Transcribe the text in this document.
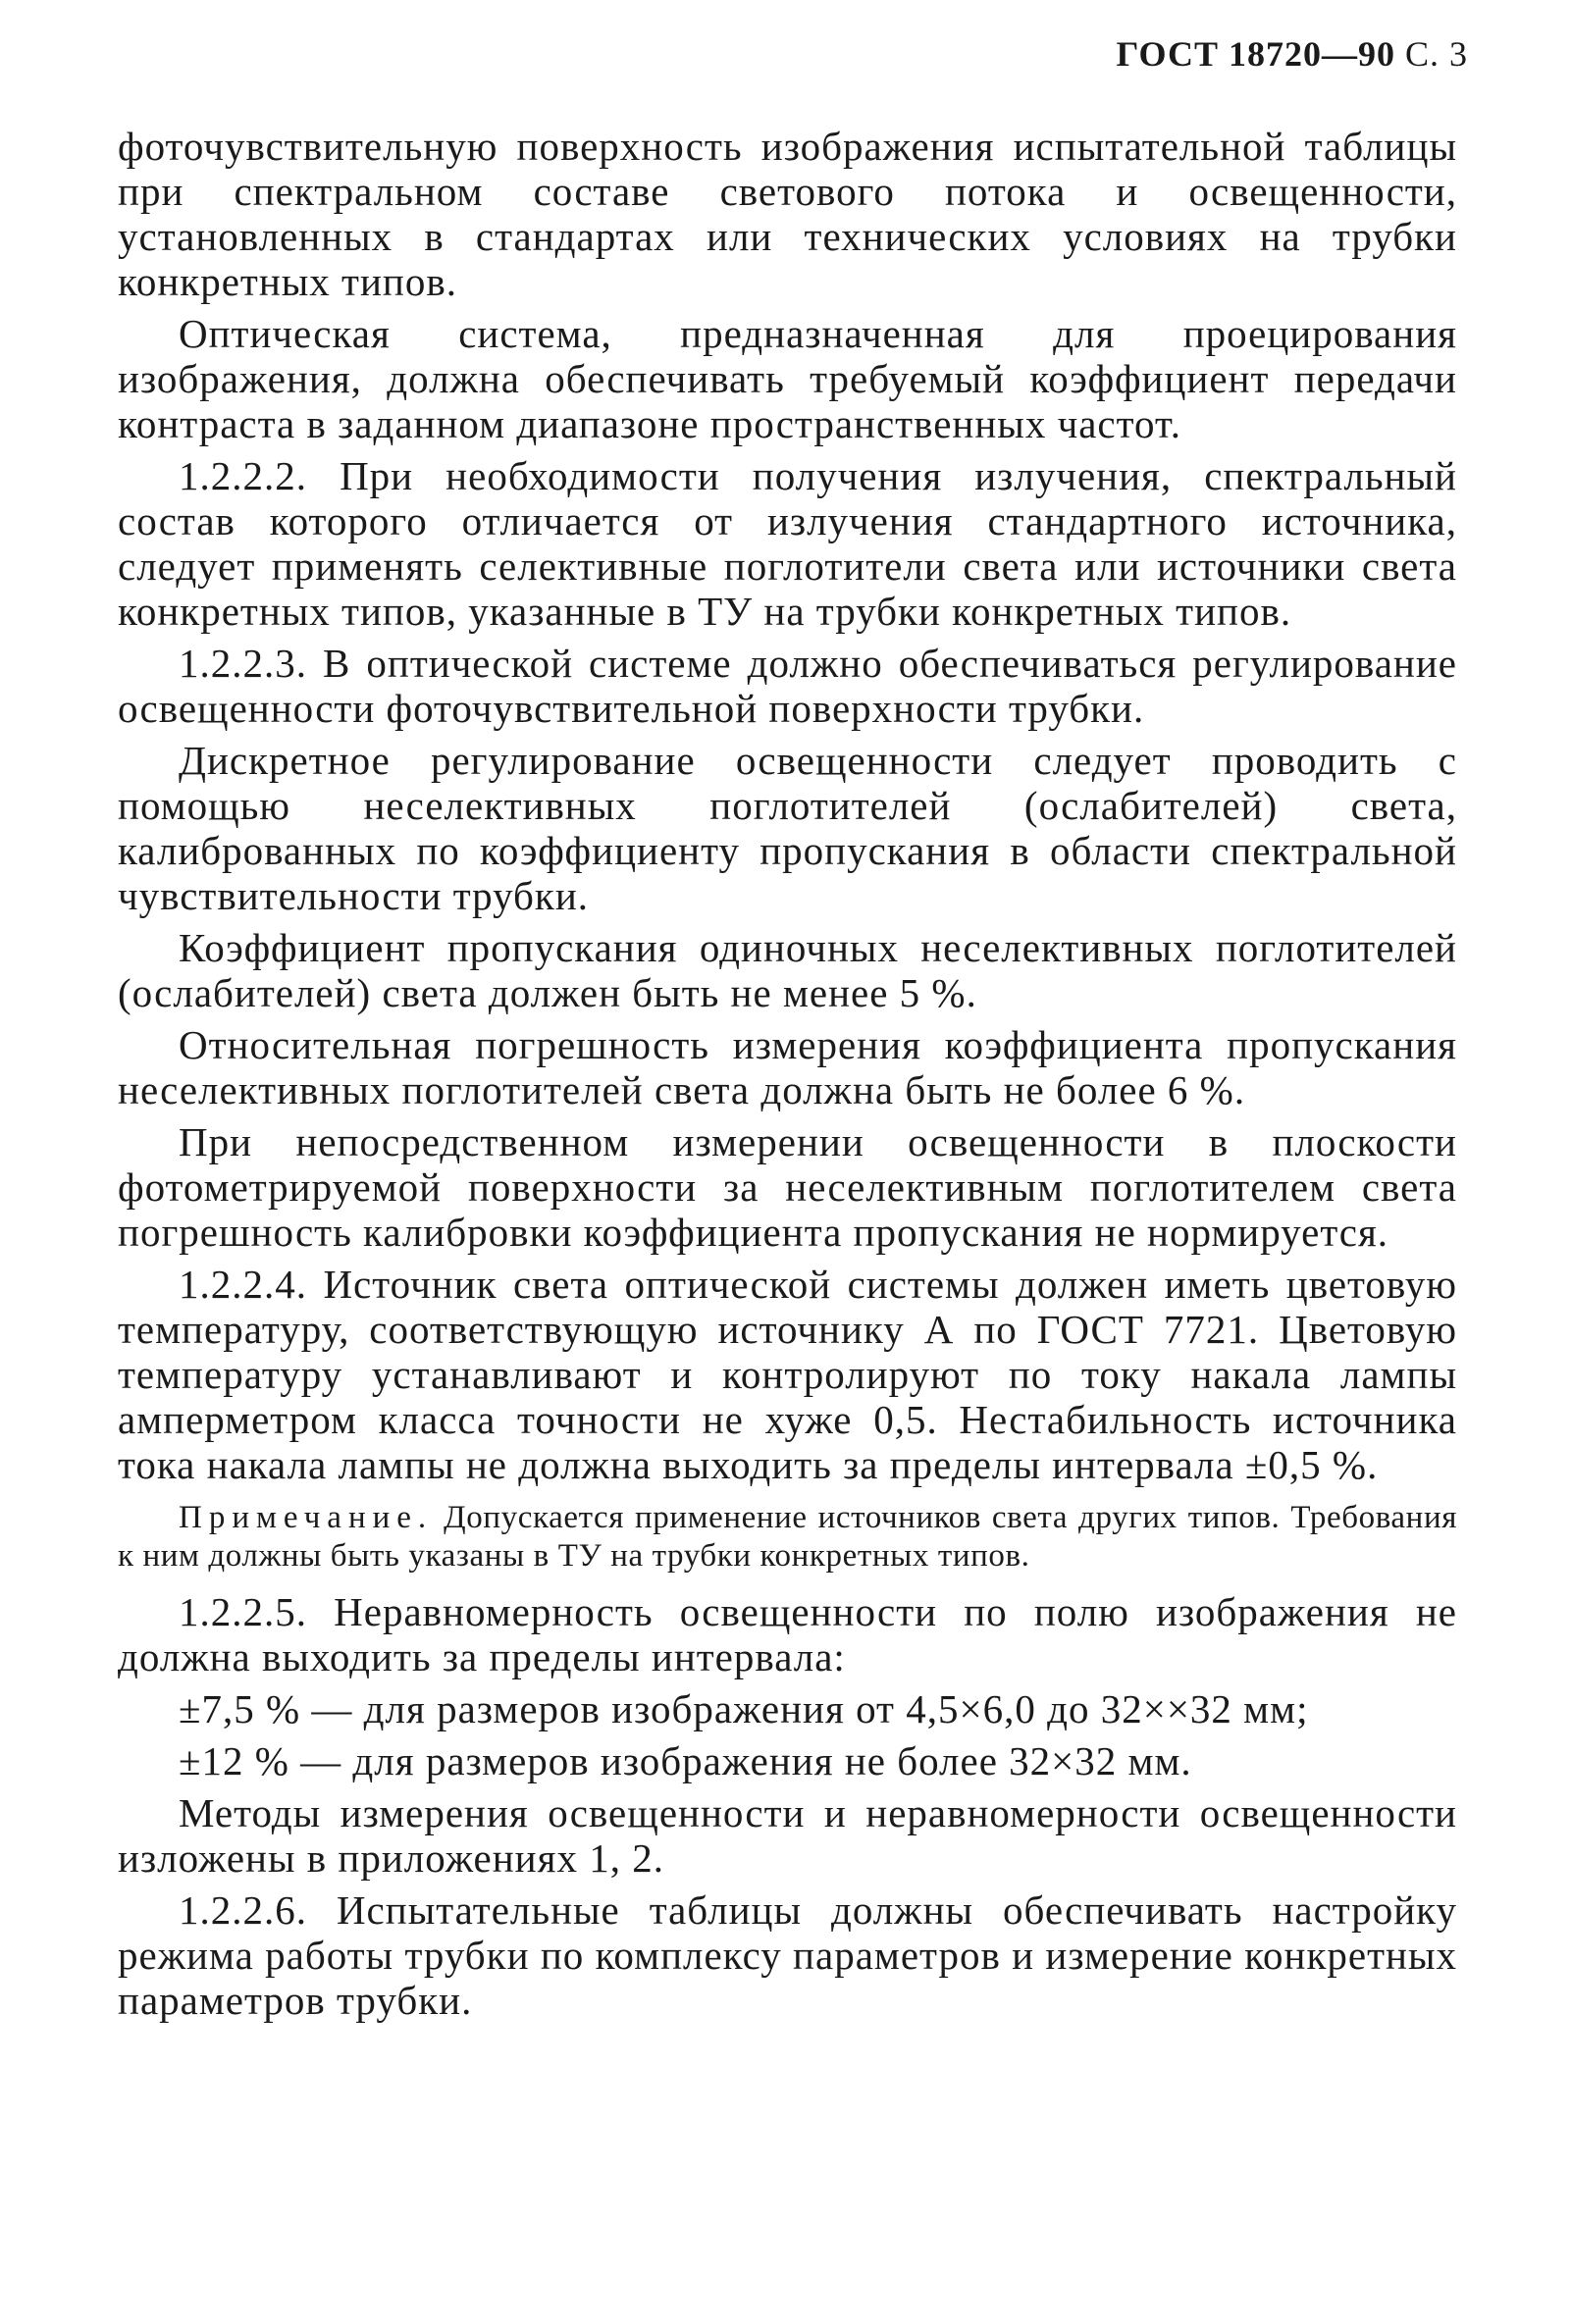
ГОСТ 18720—90 С. 3

фоточувствительную поверхность изображения испытательной таблицы при спектральном составе светового потока и освещенности, установленных в стандартах или технических условиях на трубки конкретных типов.

Оптическая система, предназначенная для проецирования изображения, должна обеспечивать требуемый коэффициент передачи контраста в заданном диапазоне пространственных частот.

1.2.2.2. При необходимости получения излучения, спектральный состав которого отличается от излучения стандартного источника, следует применять селективные поглотители света или источники света конкретных типов, указанные в ТУ на трубки конкретных типов.

1.2.2.3. В оптической системе должно обеспечиваться регулирование освещенности фоточувствительной поверхности трубки.

Дискретное регулирование освещенности следует проводить с помощью неселективных поглотителей (ослабителей) света, калиброванных по коэффициенту пропускания в области спектральной чувствительности трубки.

Коэффициент пропускания одиночных неселективных поглотителей (ослабителей) света должен быть не менее 5 %.

Относительная погрешность измерения коэффициента пропускания неселективных поглотителей света должна быть не более 6 %.

При непосредственном измерении освещенности в плоскости фотометрируемой поверхности за неселективным поглотителем света погрешность калибровки коэффициента пропускания не нормируется.

1.2.2.4. Источник света оптической системы должен иметь цветовую температуру, соответствующую источнику А по ГОСТ 7721. Цветовую температуру устанавливают и контролируют по току накала лампы амперметром класса точности не хуже 0,5. Нестабильность источника тока накала лампы не должна выходить за пределы интервала ±0,5 %.

Примечание. Допускается применение источников света других типов. Требования к ним должны быть указаны в ТУ на трубки конкретных типов.

1.2.2.5. Неравномерность освещенности по полю изображения не должна выходить за пределы интервала:

±7,5 % — для размеров изображения от 4,5×6,0 до 32××32 мм;

±12 % — для размеров изображения не более 32×32 мм.

Методы измерения освещенности и неравномерности освещенности изложены в приложениях 1, 2.

1.2.2.6. Испытательные таблицы должны обеспечивать настройку режима работы трубки по комплексу параметров и измерение конкретных параметров трубки.
